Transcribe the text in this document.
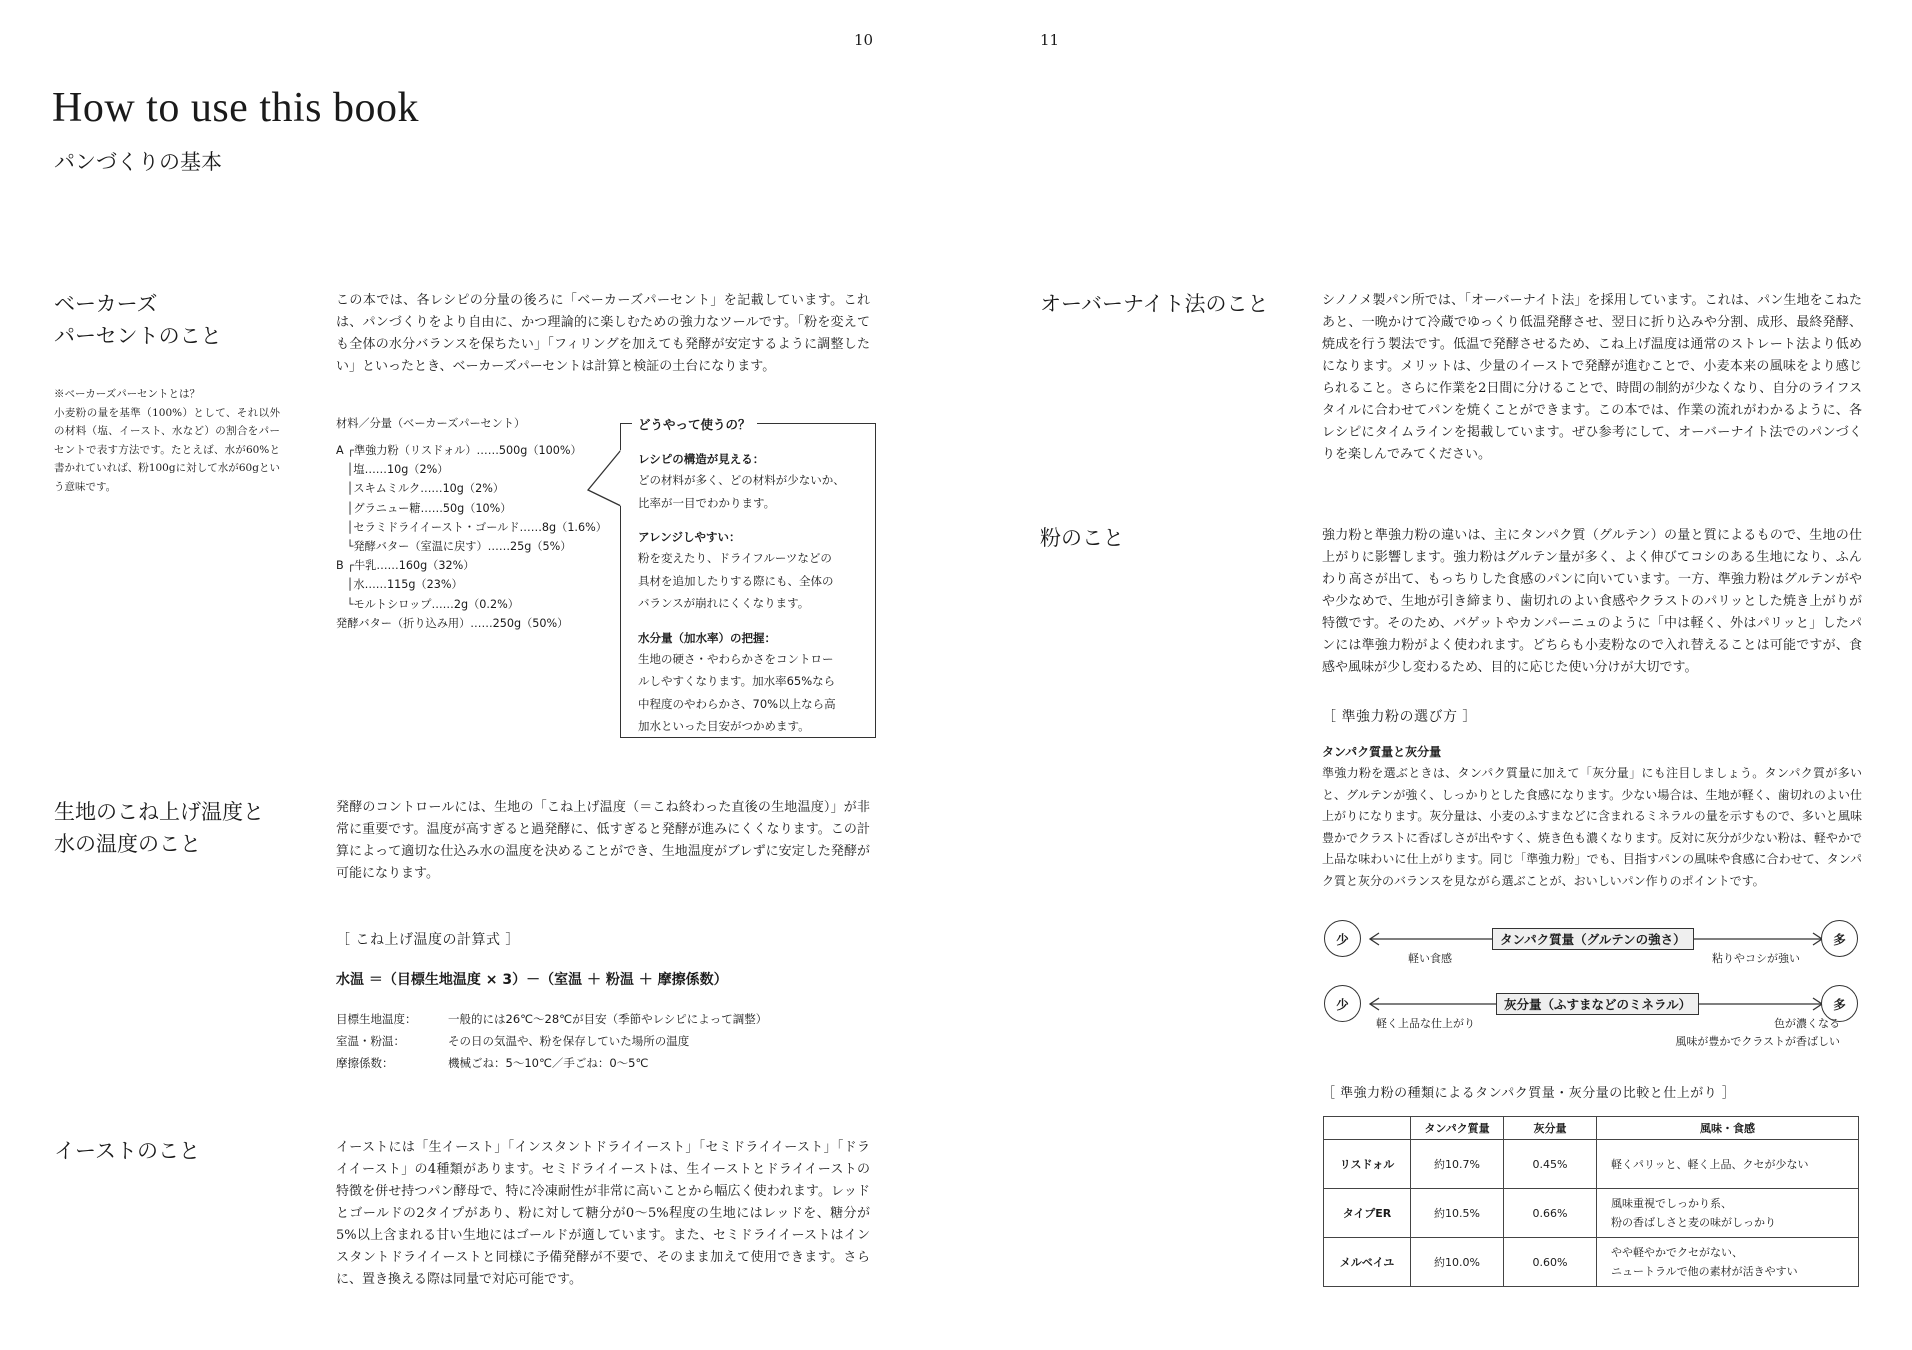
10	11
How to use this book
パンづくりの基本
ベーカーズ
パーセントのこと
この本では、各レシピの分量の後ろに「ベーカーズパーセント」を記載しています。これは、パンづくりをより自由に、かつ理論的に楽しむための強力なツールです。「粉を変えても全体の水分バランスを保ちたい」「フィリングを加えても発酵が安定するように調整したい」といったとき、ベーカーズパーセントは計算と検証の土台になります。
※ベーカーズパーセントとは？
小麦粉の量を基準（100%）として、それ以外の材料（塩、イースト、水など）の割合をパーセントで表す方法です。たとえば、水が60%と書かれていれば、粉100gに対して水が60gという意味です。
材料／分量（ベーカーズパーセント）
A ┌準強力粉（リスドォル）……500g（100%）
│塩……10g（2%）
│スキムミルク……10g（2%）
│グラニュー糖……50g（10%）
│セラミドライイースト・ゴールド……8g（1.6%）
└発酵バター（室温に戻す）……25g（5%）
B ┌牛乳……160g（32%）
│水……115g（23%）
└モルトシロップ……2g（0.2%）
発酵バター（折り込み用）……250g（50%）
どうやって使うの？
レシピの構造が見える：
どの材料が多く、どの材料が少ないか、
比率が一目でわかります。
アレンジしやすい：
粉を変えたり、ドライフルーツなどの
具材を追加したりする際にも、全体の
バランスが崩れにくくなります。
水分量（加水率）の把握：
生地の硬さ・やわらかさをコントロー
ルしやすくなります。加水率65%なら
中程度のやわらかさ、70%以上なら高
加水といった目安がつかめます。
生地のこね上げ温度と
水の温度のこと
発酵のコントロールには、生地の「こね上げ温度（＝こね終わった直後の生地温度）」が非常に重要です。温度が高すぎると過発酵に、低すぎると発酵が進みにくくなります。この計算によって適切な仕込み水の温度を決めることができ、生地温度がブレずに安定した発酵が可能になります。
［ こね上げ温度の計算式 ］
水温 ＝（目標生地温度 × 3）－（室温 ＋ 粉温 ＋ 摩擦係数）
目標生地温度：	一般的には26℃〜28℃が目安（季節やレシピによって調整）
室温・粉温：	その日の気温や、粉を保存していた場所の温度
摩擦係数：	機械ごね：5〜10℃／手ごね：0〜5℃
イーストのこと	イーストには「生イースト」「インスタントドライイースト」「セミドライイースト」「ドライイースト」の4種類があります。セミドライイーストは、生イーストとドライイーストの特徴を併せ持つパン酵母で、特に冷凍耐性が非常に高いことから幅広く使われます。レッドとゴールドの2タイプがあり、粉に対して糖分が0〜5%程度の生地にはレッドを、糖分が5%以上含まれる甘い生地にはゴールドが適しています。また、セミドライイーストはインスタントドライイーストと同様に予備発酵が不要で、そのまま加えて使用できます。さらに、置き換える際は同量で対応可能です。
オーバーナイト法のこと	シノノメ製パン所では、「オーバーナイト法」を採用しています。これは、パン生地をこねたあと、一晩かけて冷蔵でゆっくり低温発酵させ、翌日に折り込みや分割、成形、最終発酵、焼成を行う製法です。低温で発酵させるため、こね上げ温度は通常のストレート法より低めになります。メリットは、少量のイーストで発酵が進むことで、小麦本来の風味をより感じられること。さらに作業を2日間に分けることで、時間の制約が少なくなり、自分のライフスタイルに合わせてパンを焼くことができます。この本では、作業の流れがわかるように、各レシピにタイムラインを掲載しています。ぜひ参考にして、オーバーナイト法でのパンづくりを楽しんでみてください。
粉のこと	強力粉と準強力粉の違いは、主にタンパク質（グルテン）の量と質によるもので、生地の仕上がりに影響します。強力粉はグルテン量が多く、よく伸びてコシのある生地になり、ふんわり高さが出て、もっちりした食感のパンに向いています。一方、準強力粉はグルテンがやや少なめで、生地が引き締まり、歯切れのよい食感やクラストのパリッとした焼き上がりが特徴です。そのため、バゲットやカンパーニュのように「中は軽く、外はパリッと」したパンには準強力粉がよく使われます。どちらも小麦粉なので入れ替えることは可能ですが、食感や風味が少し変わるため、目的に応じた使い分けが大切です。
［ 準強力粉の選び方 ］
タンパク質量と灰分量
準強力粉を選ぶときは、タンパク質量に加えて「灰分量」にも注目しましょう。タンパク質が多いと、グルテンが強く、しっかりとした食感になります。少ない場合は、生地が軽く、歯切れのよい仕上がりになります。灰分量は、小麦のふすまなどに含まれるミネラルの量を示すもので、多いと風味豊かでクラストに香ばしさが出やすく、焼き色も濃くなります。反対に灰分が少ない粉は、軽やかで上品な味わいに仕上がります。同じ「準強力粉」でも、目指すパンの風味や食感に合わせて、タンパク質と灰分のバランスを見ながら選ぶことが、おいしいパン作りのポイントです。
少	多
タンパク質量（グルテンの強さ）
軽い食感	粘りやコシが強い
少	多
灰分量（ふすまなどのミネラル）
軽く上品な仕上がり	色が濃くなる
風味が豊かでクラストが香ばしい
［ 準強力粉の種類によるタンパク質量・灰分量の比較と仕上がり ］
	タンパク質量	灰分量	風味・食感
リスドォル	約10.7%	0.45%	軽くパリッと、軽く上品、クセが少ない
タイプER	約10.5%	0.66%	風味重視でしっかり系、
粉の香ばしさと麦の味がしっかり
メルベイユ	約10.0%	0.60%	やや軽やかでクセがない、
ニュートラルで他の素材が活きやすい
